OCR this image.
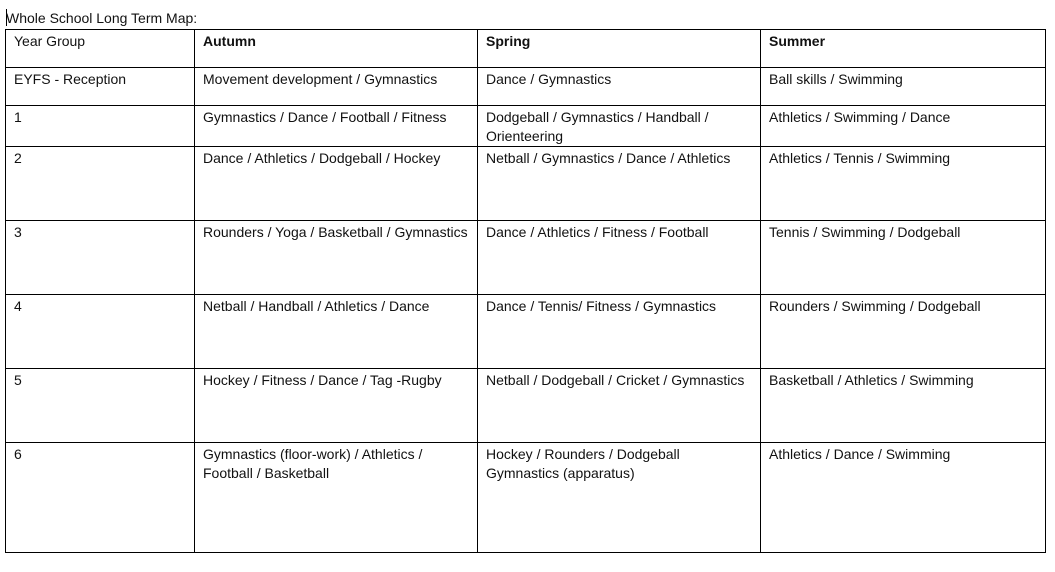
Whole School Long Term Map:
Year Group	Autumn	Spring	Summer
EYFS - Reception	Movement development / Gymnastics	Dance / Gymnastics	Ball skills / Swimming
1	Gymnastics / Dance / Football / Fitness	Dodgeball / Gymnastics / Handball / Orienteering	Athletics / Swimming / Dance
2	Dance / Athletics / Dodgeball / Hockey	Netball / Gymnastics / Dance / Athletics	Athletics / Tennis / Swimming
3	Rounders / Yoga / Basketball / Gymnastics	Dance / Athletics / Fitness / Football	Tennis / Swimming / Dodgeball
4	Netball / Handball / Athletics / Dance	Dance / Tennis/ Fitness / Gymnastics	Rounders / Swimming / Dodgeball
5	Hockey / Fitness / Dance / Tag -Rugby	Netball / Dodgeball / Cricket / Gymnastics	Basketball / Athletics / Swimming
6	Gymnastics (floor-work) / Athletics / Football / Basketball	Hockey / Rounders / Dodgeball Gymnastics (apparatus)	Athletics / Dance / Swimming
